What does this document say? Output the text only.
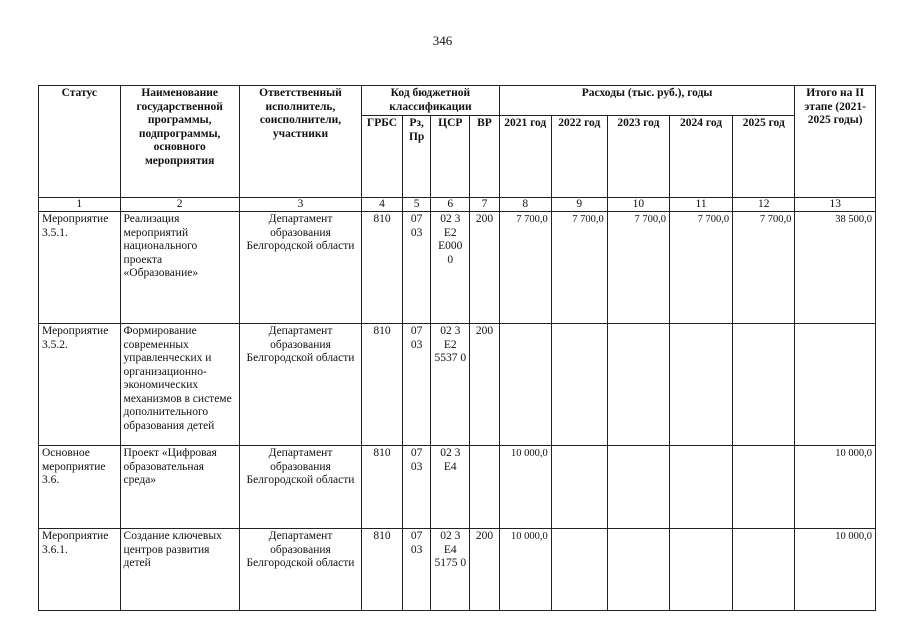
346
Статус	Наименование государственной программы, подпрограммы, основного мероприятия	Ответственный исполнитель, соисполнители, участники	Код бюджетной классификации				Расходы (тыс. руб.), годы					Итого на II этапе (2021-2025 годы)
			ГРБС	Рз, Пр	ЦСР	ВР	2021 год	2022 год	2023 год	2024 год	2025 год	
1	2	3	4	5	6	7	8	9	10	11	12	13
Мероприятие 3.5.1.	Реализация мероприятий национального проекта «Образование»	Департамент образования Белгородской области	810	07 03	02 3 E2 E000 0	200	7 700,0	7 700,0	7 700,0	7 700,0	7 700,0	38 500,0
Мероприятие 3.5.2.	Формирование современных управленческих и организационно-экономических механизмов в системе дополнительного образования детей	Департамент образования Белгородской области	810	07 03	02 3 E2 5537 0	200						
Основное мероприятие 3.6.	Проект «Цифровая образовательная среда»	Департамент образования Белгородской области	810	07 03	02 3 E4		10 000,0					10 000,0
Мероприятие 3.6.1.	Создание ключевых центров развития детей	Департамент образования Белгородской области	810	07 03	02 3 E4 5175 0	200	10 000,0					10 000,0
